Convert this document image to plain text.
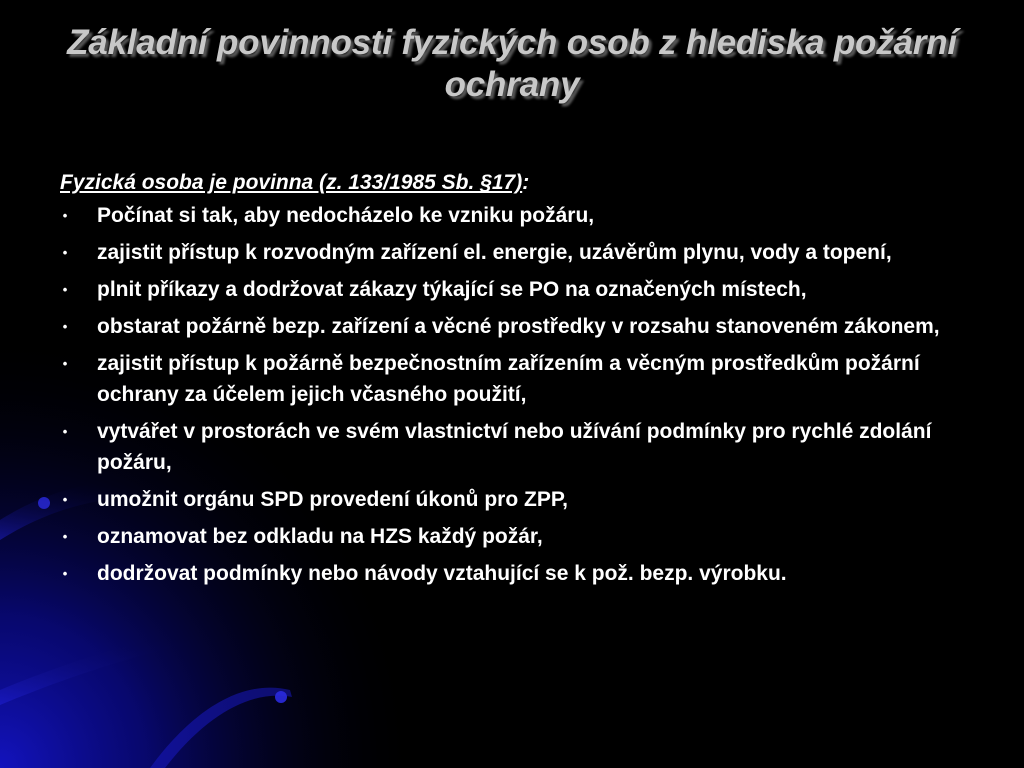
Základní povinnosti fyzických osob z hlediska požární ochrany
Fyzická osoba je povinna (z. 133/1985 Sb. §17):
• Počínat si tak, aby nedocházelo ke vzniku požáru,
• zajistit přístup k rozvodným zařízení el. energie, uzávěrům plynu, vody a topení,
• plnit příkazy a dodržovat zákazy týkající se PO na označených místech,
• obstarat požárně bezp. zařízení a věcné prostředky v rozsahu stanoveném zákonem,
• zajistit přístup k požárně bezpečnostním zařízením a věcným prostředkům požární ochrany za účelem jejich včasného použití,
• vytvářet v prostorách ve svém vlastnictví nebo užívání podmínky pro rychlé zdolání požáru,
• umožnit orgánu SPD provedení úkonů pro ZPP,
• oznamovat bez odkladu na HZS každý požár,
• dodržovat podmínky nebo návody vztahující se k pož. bezp. výrobku.
